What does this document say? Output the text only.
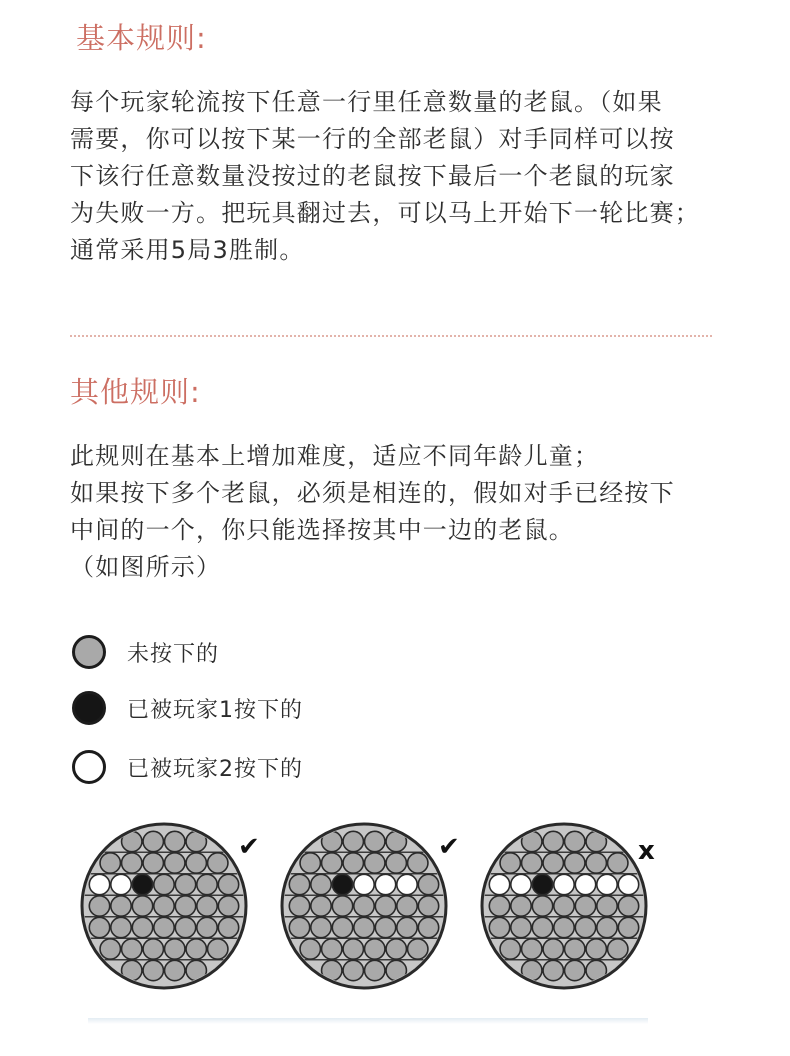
基本规则:

每个玩家轮流按下任意一行里任意数量的老鼠。（如果
需要，你可以按下某一行的全部老鼠）对手同样可以按
下该行任意数量没按过的老鼠按下最后一个老鼠的玩家
为失败一方。把玩具翻过去，可以马上开始下一轮比赛；
通常采用5局3胜制。

其他规则:

此规则在基本上增加难度，适应不同年龄儿童；
如果按下多个老鼠，必须是相连的，假如对手已经按下
中间的一个，你只能选择按其中一边的老鼠。
（如图所示）

未按下的
已被玩家1按下的
已被玩家2按下的
✔	✔	x
